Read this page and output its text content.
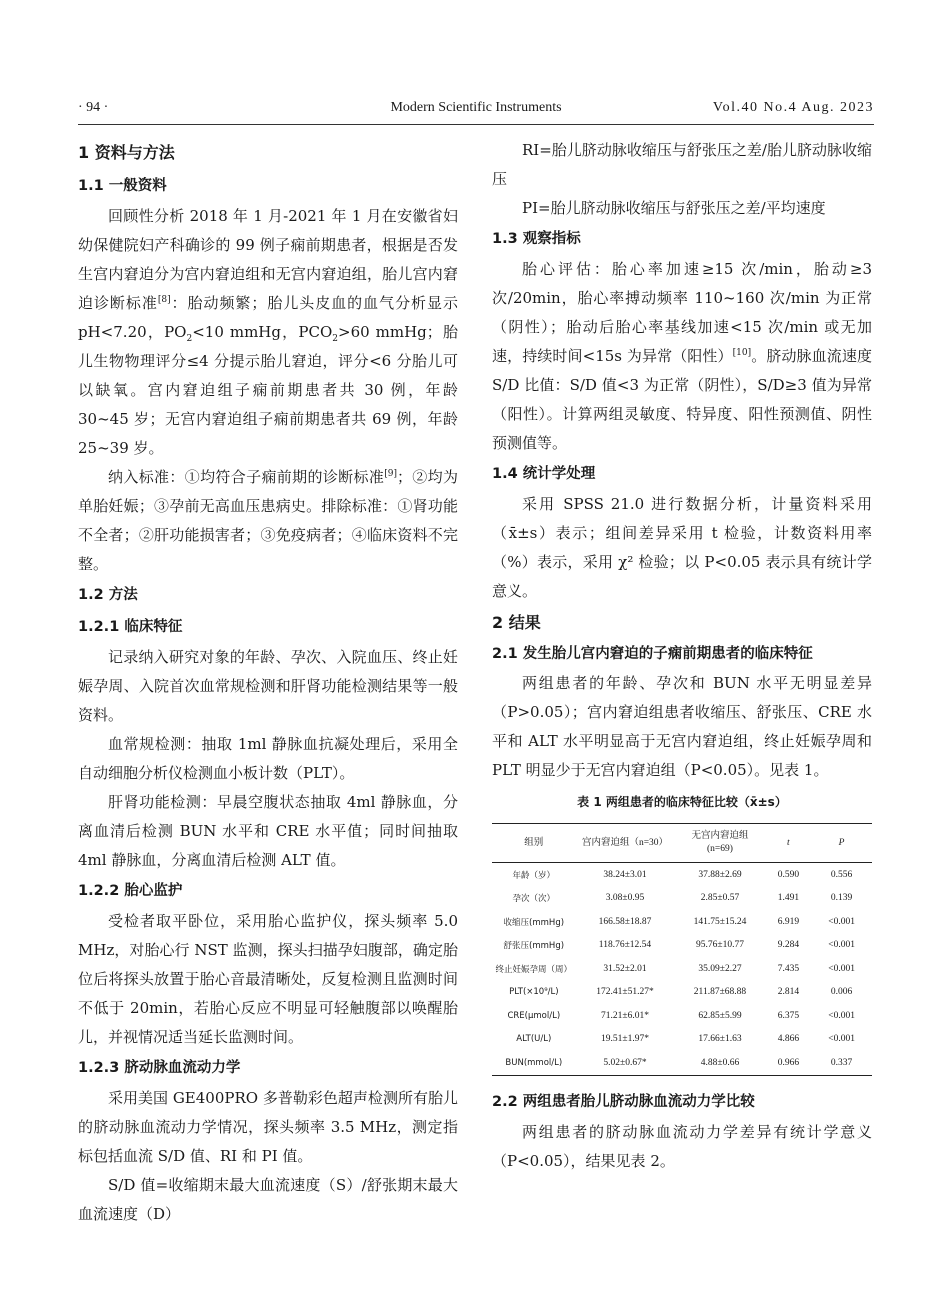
· 94 ·	Modern Scientific Instruments	Vol.40 No.4 Aug. 2023
1 资料与方法
1.1 一般资料

回顾性分析 2018 年 1 月-2021 年 1 月在安徽省妇幼保健院妇产科确诊的 99 例子痫前期患者，根据是否发生宫内窘迫分为宫内窘迫组和无宫内窘迫组，胎儿宫内窘迫诊断标准[8]：胎动频繁；胎儿头皮血的血气分析显示 pH<7.20，$PO_2<10$ mmHg，$PCO_2>60$ mmHg；胎儿生物物理评分≤4 分提示胎儿窘迫，评分<6 分胎儿可以缺氧。宫内窘迫组子痫前期患者共 30 例，年龄 30~45 岁；无宫内窘迫组子痫前期患者共 69 例，年龄 25~39 岁。

纳入标准：①均符合子痫前期的诊断标准[9]；②均为单胎妊娠；③孕前无高血压患病史。排除标准：①肾功能不全者；②肝功能损害者；③免疫病者；④临床资料不完整。

1.2 方法
1.2.1 临床特征

记录纳入研究对象的年龄、孕次、入院血压、终止妊娠孕周、入院首次血常规检测和肝肾功能检测结果等一般资料。

血常规检测：抽取 1ml 静脉血抗凝处理后，采用全自动细胞分析仪检测血小板计数（PLT）。

肝肾功能检测：早晨空腹状态抽取 4ml 静脉血，分离血清后检测 BUN 水平和 CRE 水平值；同时间抽取 4ml 静脉血，分离血清后检测 ALT 值。

1.2.2 胎心监护

受检者取平卧位，采用胎心监护仪，探头频率 5.0 MHz，对胎心行 NST 监测，探头扫描孕妇腹部，确定胎位后将探头放置于胎心音最清晰处，反复检测且监测时间不低于 20min，若胎心反应不明显可轻触腹部以唤醒胎儿，并视情况适当延长监测时间。

1.2.3 脐动脉血流动力学

采用美国 GE400PRO 多普勒彩色超声检测所有胎儿的脐动脉血流动力学情况，探头频率 3.5 MHz，测定指标包括血流 S/D 值、RI 和 PI 值。

S/D 值=收缩期末最大血流速度（S）/舒张期末最大血流速度（D）

RI=胎儿脐动脉收缩压与舒张压之差/胎儿脐动脉收缩压

PI=胎儿脐动脉收缩压与舒张压之差/平均速度

1.3 观察指标

胎心评估：胎心率加速≥15 次/min，胎动≥3 次/20min，胎心率搏动频率 110~160 次/min 为正常（阴性）；胎动后胎心率基线加速<15 次/min 或无加速，持续时间<15s 为异常（阳性）[10]。脐动脉血流速度 S/D 比值：S/D 值<3 为正常（阴性），S/D≥3 值为异常（阳性）。计算两组灵敏度、特异度、阳性预测值、阴性预测值等。

1.4 统计学处理

采用 SPSS 21.0 进行数据分析，计量资料采用（x̄±s）表示；组间差异采用 t 检验，计数资料用率（%）表示，采用 χ² 检验；以 P<0.05 表示具有统计学意义。

2 结果
2.1 发生胎儿宫内窘迫的子痫前期患者的临床特征

两组患者的年龄、孕次和 BUN 水平无明显差异（P>0.05）；宫内窘迫组患者收缩压、舒张压、CRE 水平和 ALT 水平明显高于无宫内窘迫组，终止妊娠孕周和 PLT 明显少于无宫内窘迫组（P<0.05）。见表 1。

表 1 两组患者的临床特征比较（x̄±s）
组别	宫内窘迫组（n=30）	无宫内窘迫组
(n=69)	t	P
年龄（岁）	38.24±3.01	37.88±2.69	0.590	0.556
孕次（次）	3.08±0.95	2.85±0.57	1.491	0.139
收缩压(mmHg)	166.58±18.87	141.75±15.24	6.919	<0.001
舒张压(mmHg)	118.76±12.54	95.76±10.77	9.284	<0.001
终止妊娠孕周（周）	31.52±2.01	35.09±2.27	7.435	<0.001
PLT(×10⁹/L)	172.41±51.27*	211.87±68.88	2.814	0.006
CRE(μmol/L)	71.21±6.01*	62.85±5.99	6.375	<0.001
ALT(U/L)	19.51±1.97*	17.66±1.63	4.866	<0.001
BUN(mmol/L)	5.02±0.67*	4.88±0.66	0.966	0.337
2.2 两组患者胎儿脐动脉血流动力学比较

两组患者的脐动脉血流动力学差异有统计学意义（P<0.05），结果见表 2。
